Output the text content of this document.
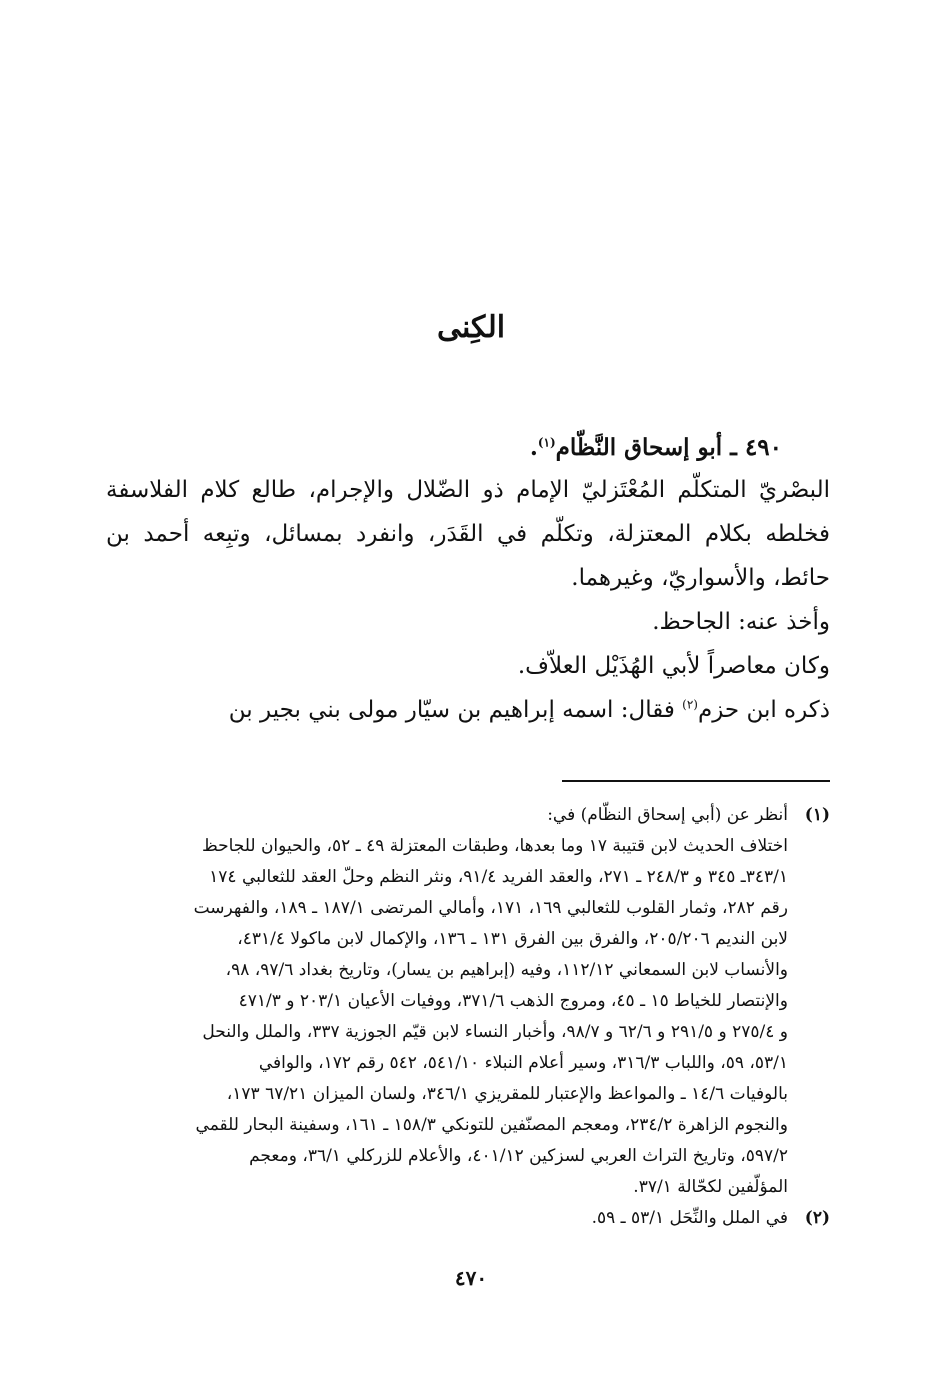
الكِنى
٤٩٠ ـ أبو إسحاق النَّظّام$^{(١)}$.

البصْريّ المتكلّم المُعْتَزليّ الإمام ذو الضّلال والإجرام، طالع كلام الفلاسفة فخلطه بكلام المعتزلة، وتكلّم في القَدَر، وانفرد بمسائل، وتبِعه أحمد بن حائط، والأسواريّ، وغيرهما.

وأخذ عنه: الجاحظ.
وكان معاصراً لأبي الهُذَيْل العلاّف.
ذكره ابن حزم$^{(٢)}$ فقال: اسمه إبراهيم بن سيّار مولى بني بجير بن
(١)
أنظر عن (أبي إسحاق النظّام) في:
اختلاف الحديث لابن قتيبة ١٧ وما بعدها، وطبقات المعتزلة ٤٩ ـ ٥٢، والحيوان للجاحظ
٣٤٣/١ـ ٣٤٥ و ٢٤٨/٣ ـ ٢٧١، والعقد الفريد ٩١/٤، ونثر النظم وحلّ العقد للثعالبي ١٧٤
رقم ٢٨٢، وثمار القلوب للثعالبي ١٦٩، ١٧١، وأمالي المرتضى ١٨٧/١ ـ ١٨٩، والفهرست
لابن النديم ٢٠٥/٢٠٦، والفرق بين الفرق ١٣١ ـ ١٣٦، والإكمال لابن ماكولا ٤٣١/٤،
والأنساب لابن السمعاني ١١٢/١٢، وفيه (إبراهيم بن يسار)، وتاريخ بغداد ٩٧/٦، ٩٨،
والإنتصار للخياط ١٥ ـ ٤٥، ومروج الذهب ٣٧١/٦، ووفيات الأعيان ٢٠٣/١ و ٤٧١/٣
و ٢٧٥/٤ و ٢٩١/٥ و ٦٢/٦ و ٩٨/٧، وأخبار النساء لابن قيّم الجوزية ٣٣٧، والملل والنحل
٥٣/١، ٥٩، واللباب ٣١٦/٣، وسير أعلام النبلاء ٥٤١/١٠، ٥٤٢ رقم ١٧٢، والوافي
بالوفيات ١٤/٦ ـ والمواعظ والإعتبار للمقريزي ٣٤٦/١، ولسان الميزان ٦٧/٢١ ١٧٣،
والنجوم الزاهرة ٢٣٤/٢، ومعجم المصنّفين للتونكي ١٥٨/٣ ـ ١٦١، وسفينة البحار للقمي
٥٩٧/٢، وتاريخ التراث العربي لسزكين ٤٠١/١٢، والأعلام للزركلي ٣٦/١، ومعجم
المؤلّفين لكحّالة ٣٧/١.
(٢)
في الملل والنِّحَل ٥٣/١ ـ ٥٩.
٤٧٠
